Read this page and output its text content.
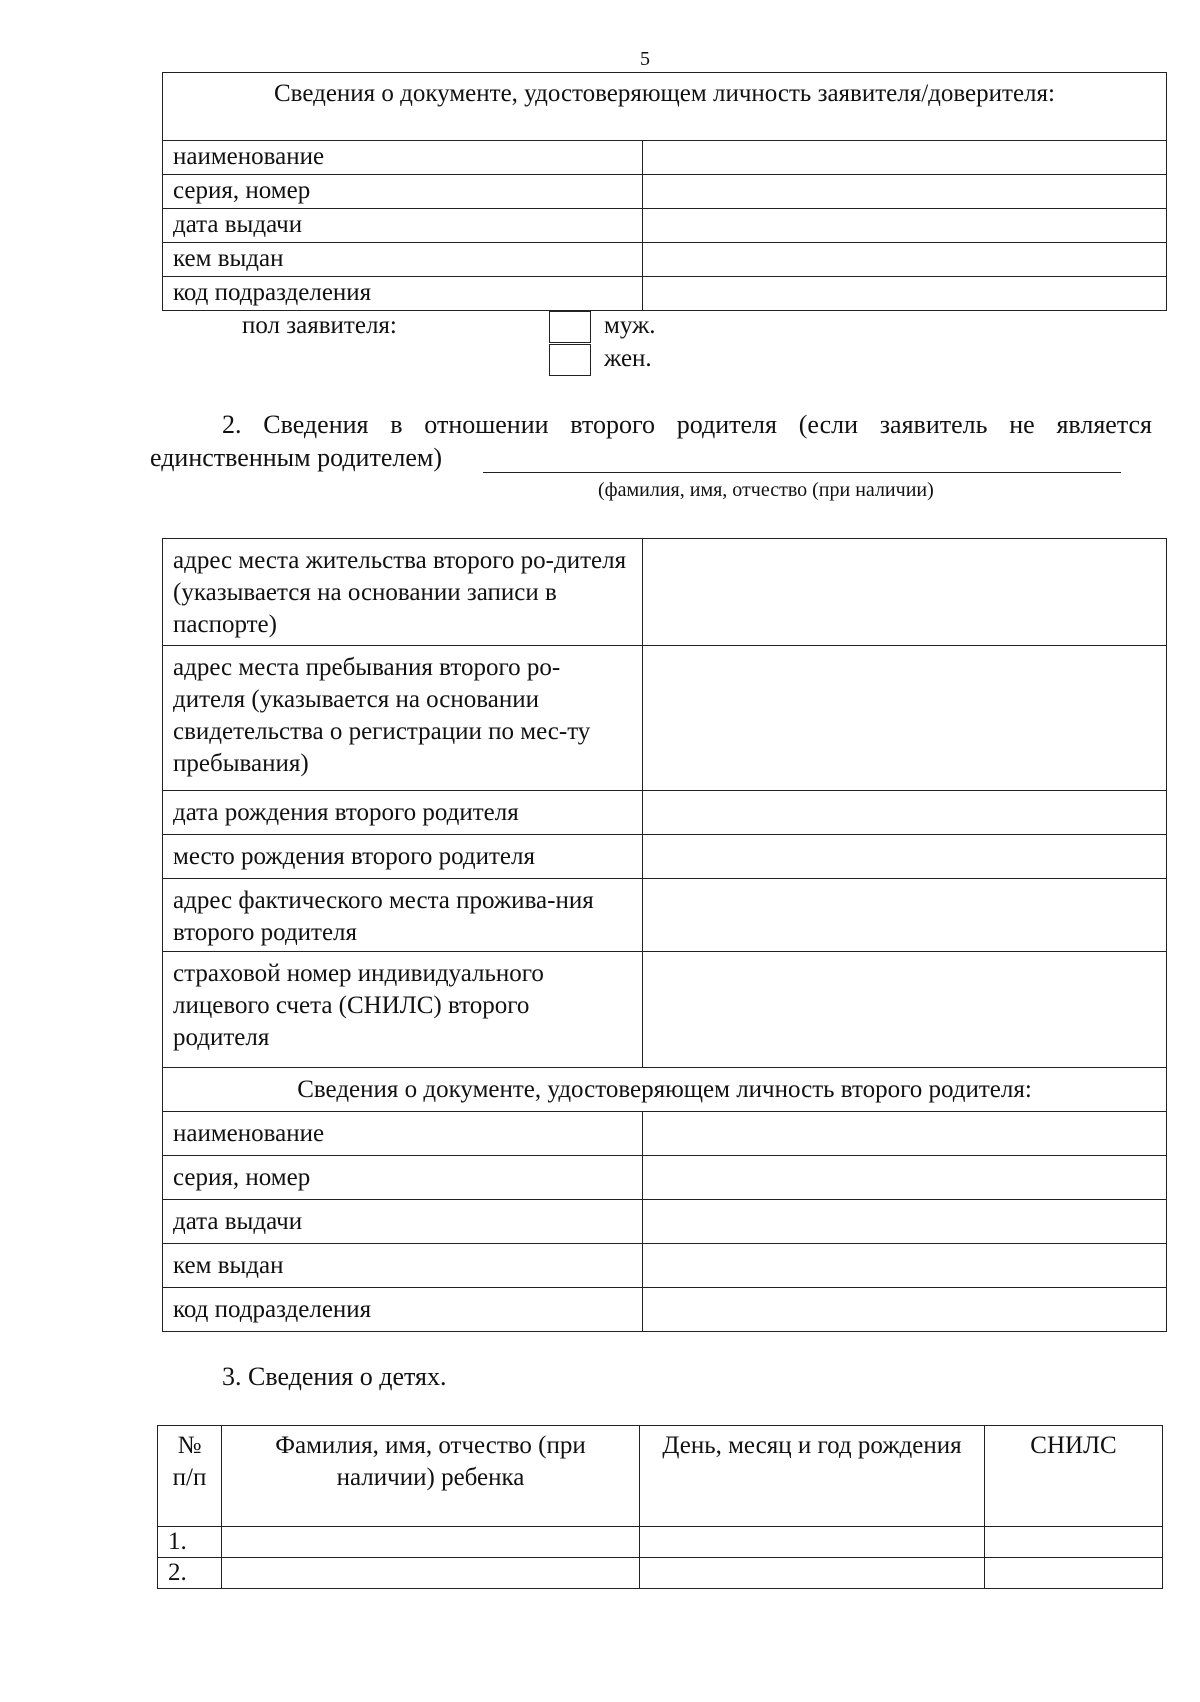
5
Сведения о документе, удостоверяющем личность заявителя/доверителя:	
наименование	
серия, номер	
дата выдачи	
кем выдан	
код подразделения	
пол заявителя:	муж.
жен.
2. Сведения в отношении второго родителя (если заявитель не является
единственным родителем)
(фамилия, имя, отчество (при наличии)
адрес места жительства второго ро-дителя (указывается на основании записи в паспорте)	
адрес места пребывания второго ро-дителя (указывается на основании свидетельства о регистрации по мес-ту пребывания)	
дата рождения второго родителя	
место рождения второго родителя	
адрес фактического места прожива-ния второго родителя	
страховой номер индивидуального лицевого счета (СНИЛС) второго родителя	
Сведения о документе, удостоверяющем личность второго родителя:	
наименование	
серия, номер	
дата выдачи	
кем выдан	
код подразделения	
3. Сведения о детях.
№ п/п	Фамилия, имя, отчество (при наличии) ребенка	День, месяц и год рождения	СНИЛС
1.			
2.			
